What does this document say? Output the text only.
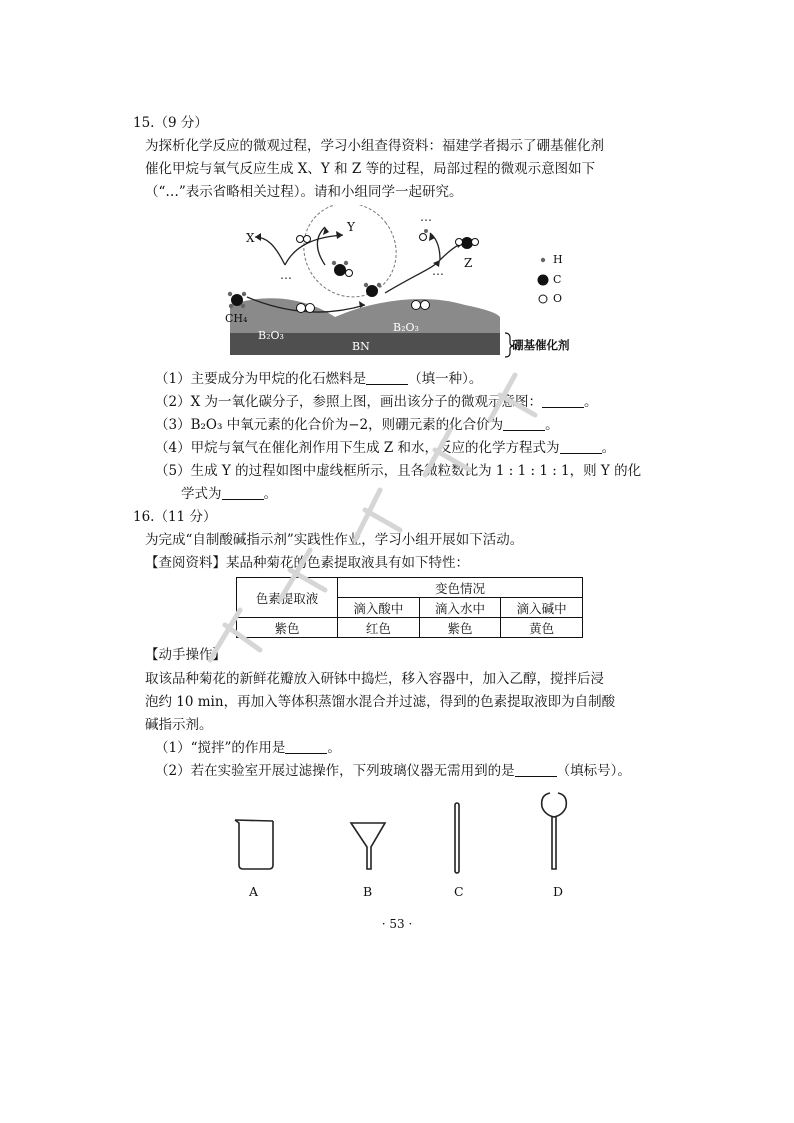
15.（9 分）
为探析化学反应的微观过程，学习小组查得资料：福建学者揭示了硼基催化剂
催化甲烷与氧气反应生成 X、Y 和 Z 等的过程，局部过程的微观示意图如下
（“…”表示省略相关过程）。请和小组同学一起研究。
…	…
…
X
Y
Z
CH₄
B₂O₃
B₂O₃
BN	硼基催化剂
H
C
O
（1）主要成分为甲烷的化石燃料是	（填一种）。
（2）X 为一氧化碳分子，参照上图，画出该分子的微观示意图：	。
（3）B₂O₃ 中氧元素的化合价为−2，则硼元素的化合价为	。
（4）甲烷与氧气在催化剂作用下生成 Z 和水，反应的化学方程式为	。
（5）生成 Y 的过程如图中虚线框所示，且各微粒数比为 1 : 1 : 1 : 1，则 Y 的化
学式为	。
16.（11 分）
为完成“自制酸碱指示剂”实践性作业，学习小组开展如下活动。
【查阅资料】某品种菊花的色素提取液具有如下特性：
色素提取液	变色情况		
	滴入酸中	滴入水中	滴入碱中
紫色	红色	紫色	黄色
【动手操作】
取该品种菊花的新鲜花瓣放入研钵中捣烂，移入容器中，加入乙醇，搅拌后浸
泡约 10 min，再加入等体积蒸馏水混合并过滤，得到的色素提取液即为自制酸
碱指示剂。
（1）“搅拌”的作用是	。
（2）若在实验室开展过滤操作，下列玻璃仪器无需用到的是	（填标号）。
A	B	C	D
· 53 ·
